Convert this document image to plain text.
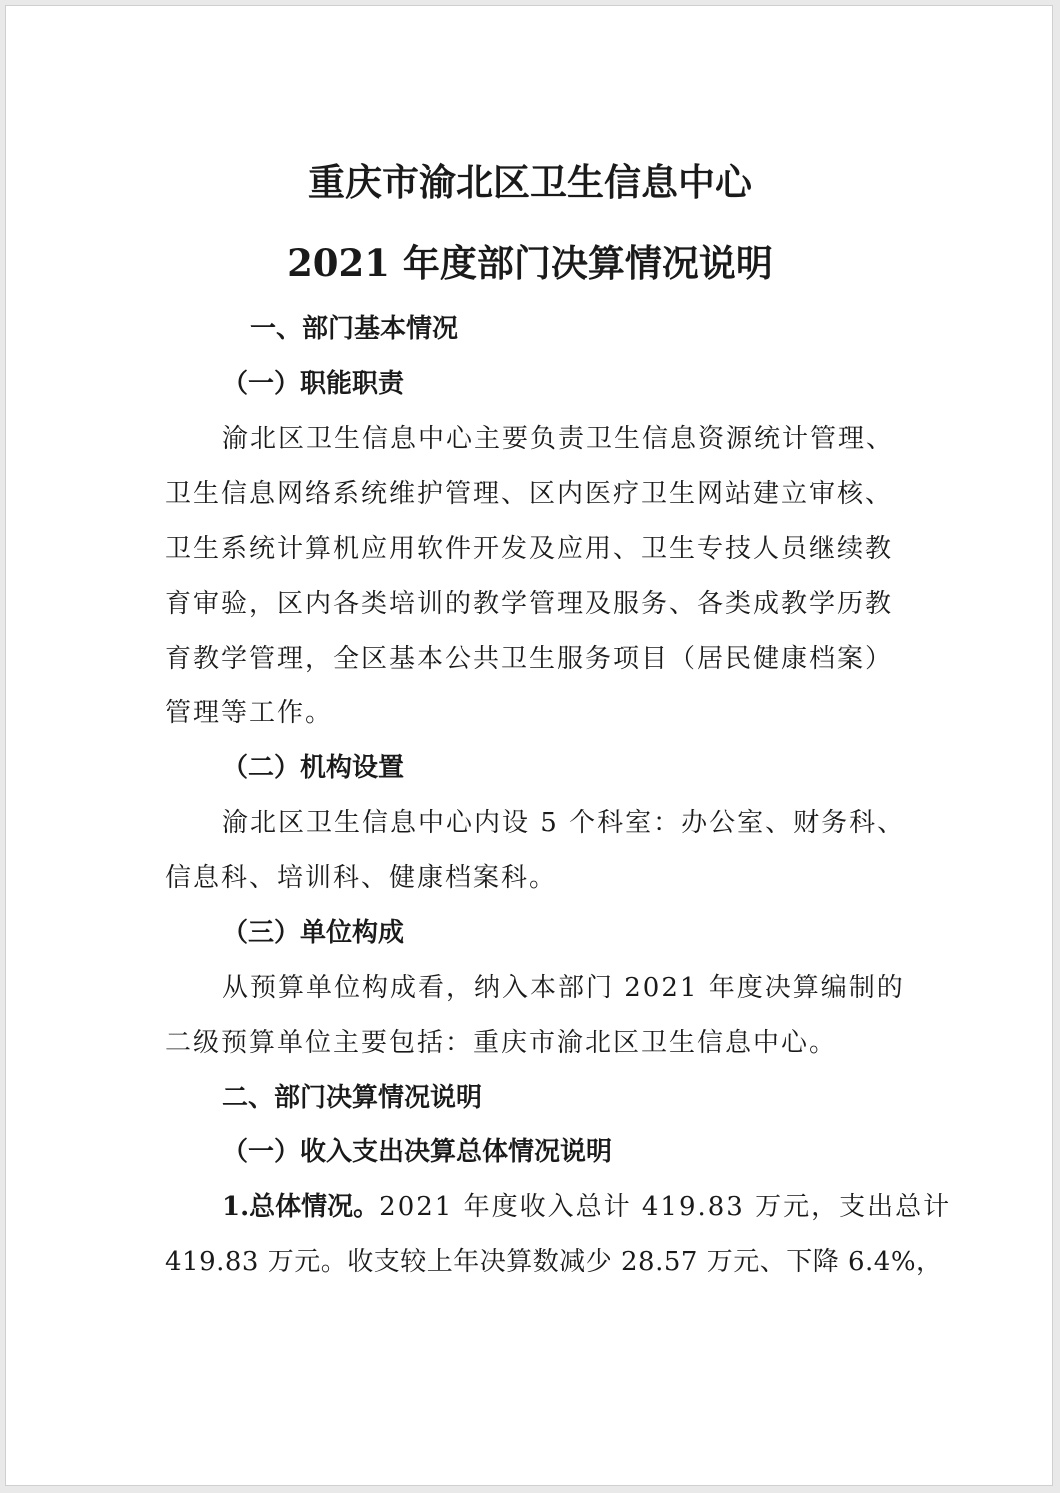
重庆市渝北区卫生信息中心
2021 年度部门决算情况说明
一、部门基本情况
（一）职能职责
渝北区卫生信息中心主要负责卫生信息资源统计管理、
卫生信息网络系统维护管理、区内医疗卫生网站建立审核、
卫生系统计算机应用软件开发及应用、卫生专技人员继续教
育审验，区内各类培训的教学管理及服务、各类成教学历教
育教学管理，全区基本公共卫生服务项目（居民健康档案）
管理等工作。
（二）机构设置
渝北区卫生信息中心内设 5 个科室：办公室、财务科、
信息科、培训科、健康档案科。
（三）单位构成
从预算单位构成看，纳入本部门 2021 年度决算编制的
二级预算单位主要包括：重庆市渝北区卫生信息中心。
二、部门决算情况说明
（一）收入支出决算总体情况说明
1.总体情况。2021 年度收入总计 419.83 万元，支出总计
419.83 万元。收支较上年决算数减少 28.57 万元、下降 6.4%，
